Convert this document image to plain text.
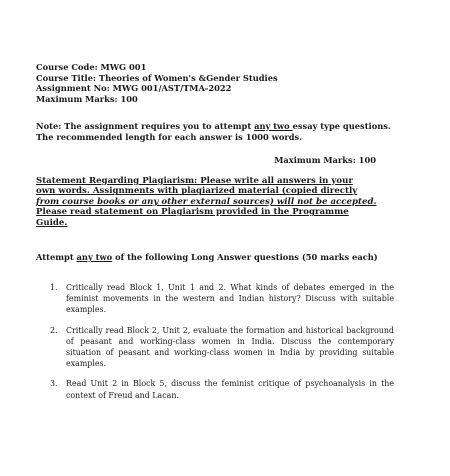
Course Code: MWG 001
Course Title: Theories of Women's &Gender Studies
Assignment No: MWG 001/AST/TMA-2022
Maximum Marks: 100
Note: The assignment requires you to attempt any two essay type questions.
The recommended length for each answer is 1000 words.
Maximum Marks: 100
Statement Regarding Plagiarism: Please write all answers in your
own words. Assignments with plagiarized material (copied directly
from course books or any other external sources) will not be accepted.
Please read statement on Plagiarism provided in the Programme
Guide.
Attempt any two of the following Long Answer questions (50 marks each)
1. Critically read Block 1, Unit 1 and 2. What kinds of debates emerged in the feminist movements in the western and Indian history? Discuss with suitable examples.
2. Critically read Block 2, Unit 2, evaluate the formation and historical background of peasant and working-class women in India. Discuss the contemporary situation of peasant and working-class women in India by providing suitable examples.
3. Read Unit 2 in Block 5, discuss the feminist critique of psychoanalysis in the context of Freud and Lacan.
